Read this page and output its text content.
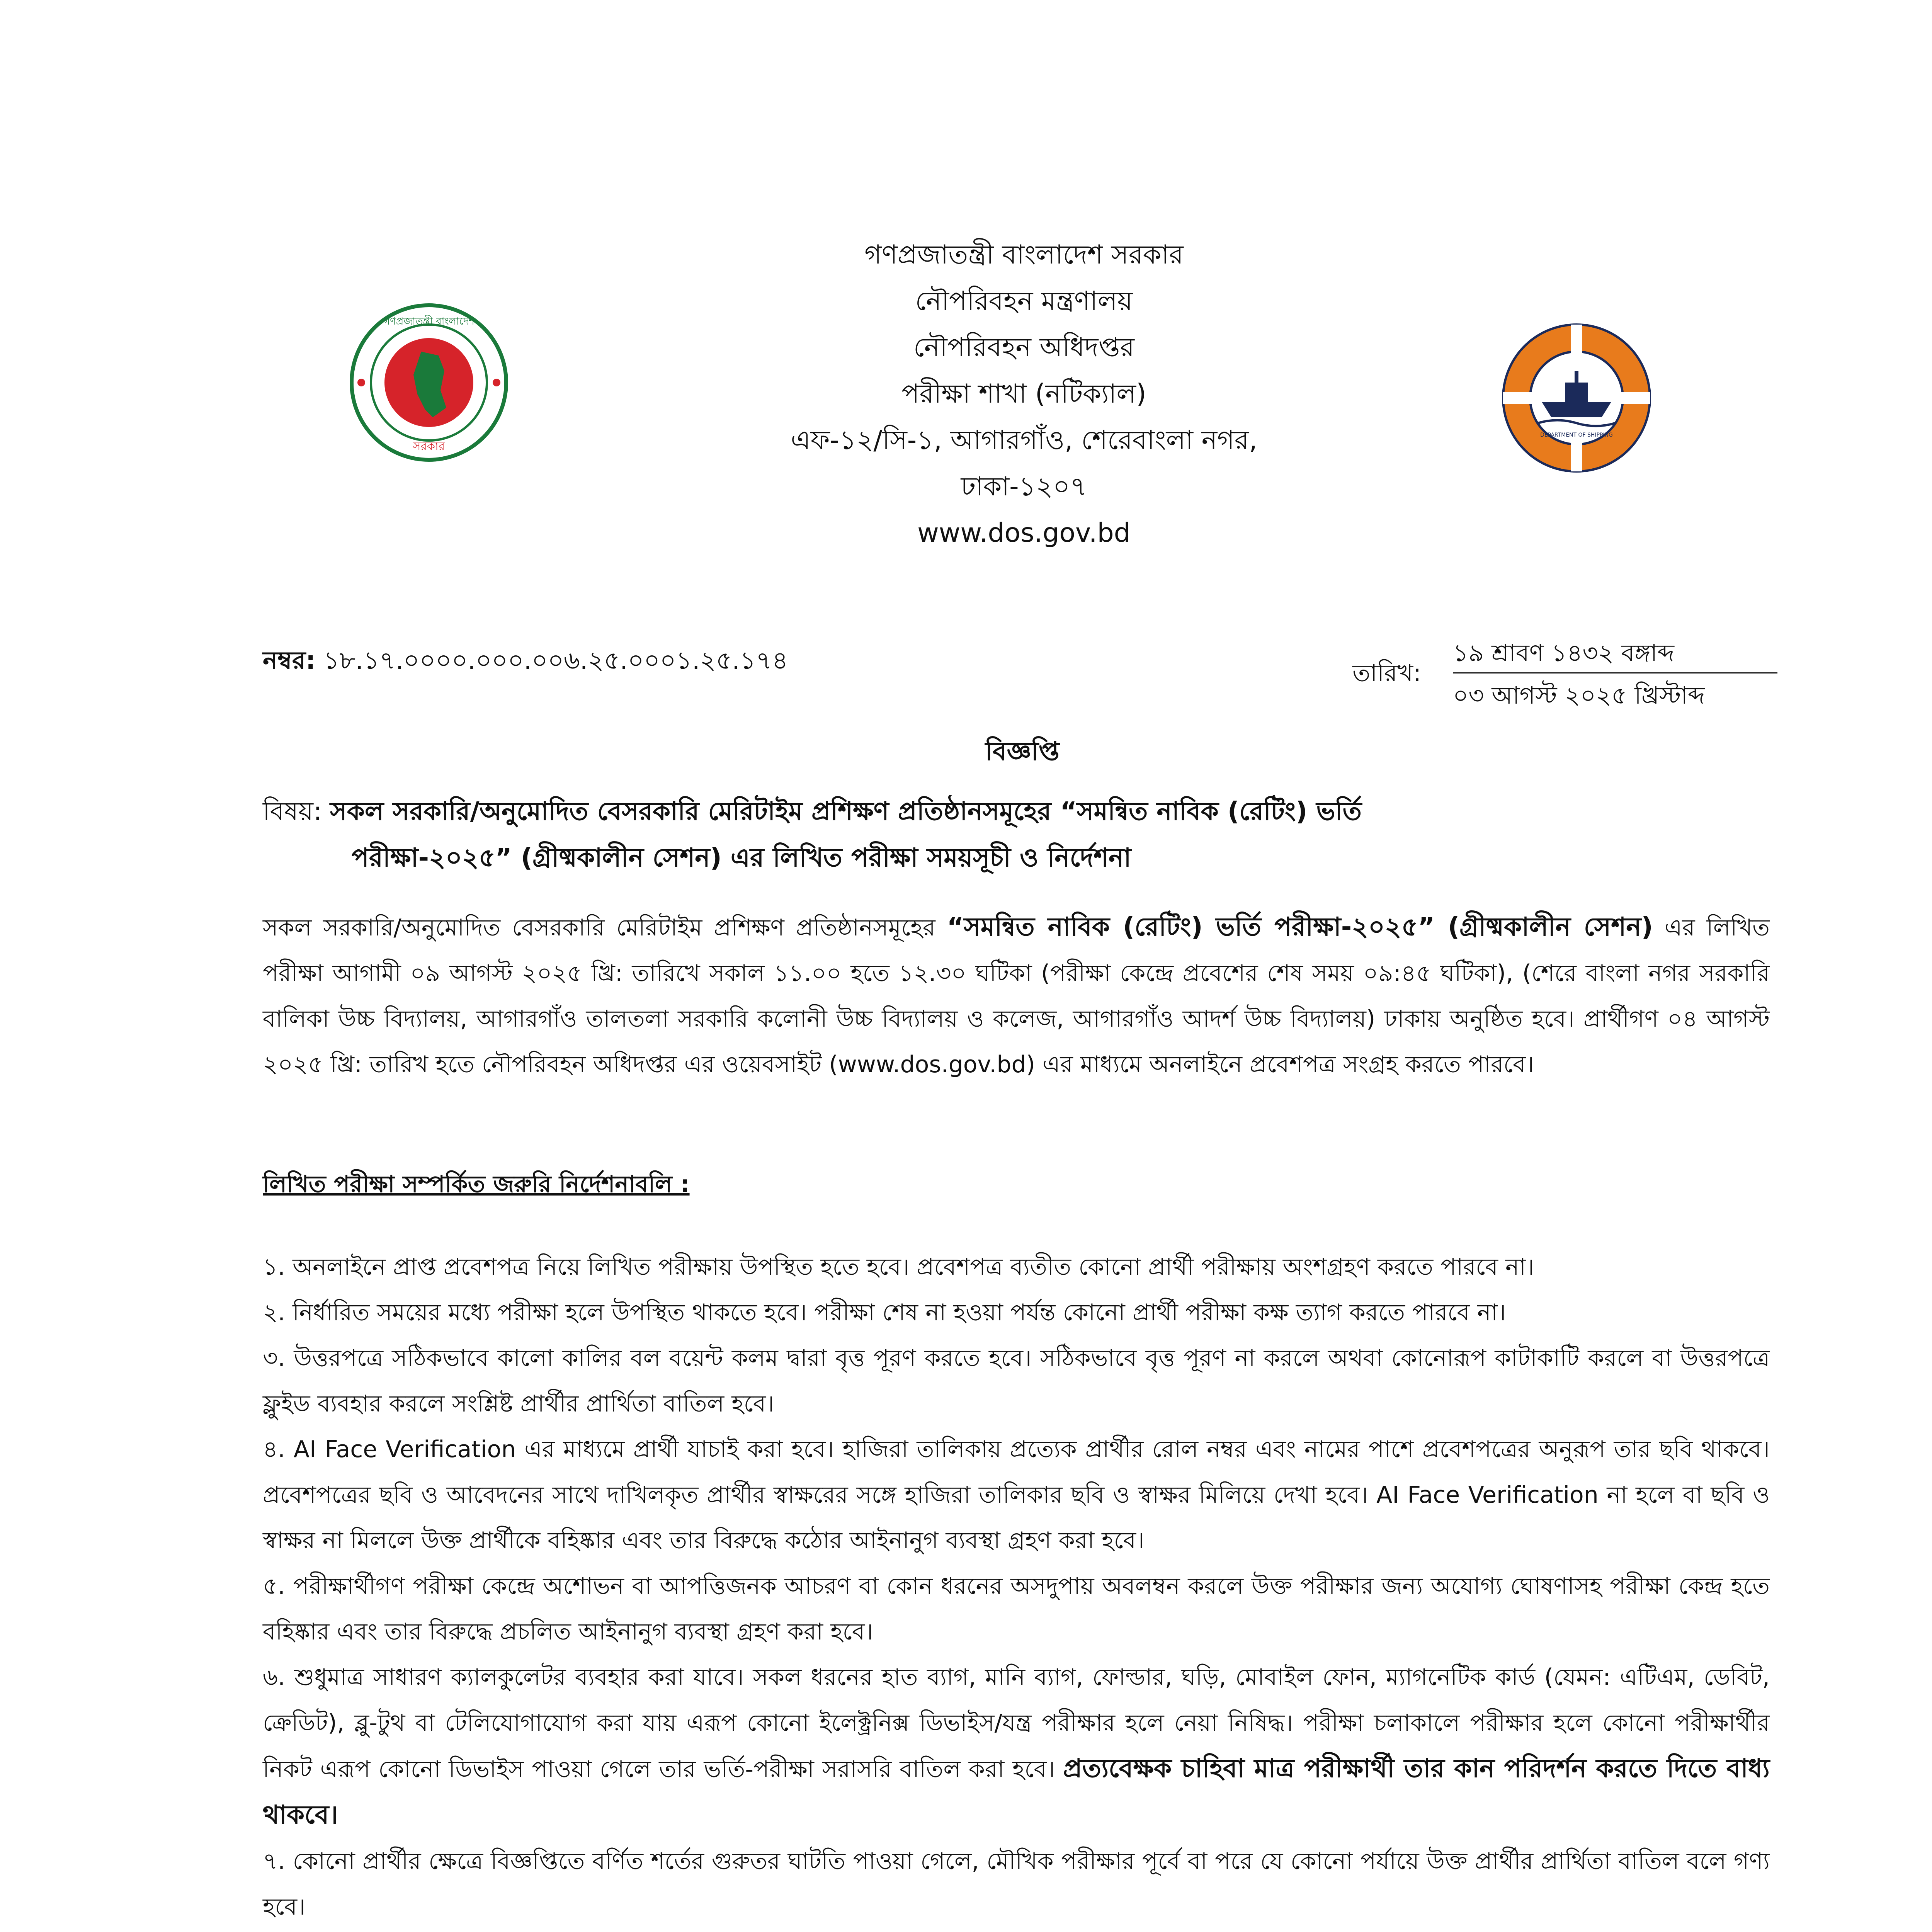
গণপ্রজাতন্ত্রী বাংলাদেশ
সরকার
DEPARTMENT OF SHIPPING
গণপ্রজাতন্ত্রী বাংলাদেশ সরকার
নৌপরিবহন মন্ত্রণালয়
নৌপরিবহন অধিদপ্তর
পরীক্ষা শাখা (নটিক্যাল)
এফ-১২/সি-১, আগারগাঁও, শেরেবাংলা নগর,
ঢাকা-১২০৭
www.dos.gov.bd
নম্বর: ১৮.১৭.০০০০.০০০.০০৬.২৫.০০০১.২৫.১৭৪	তারিখ:
১৯ শ্রাবণ ১৪৩২ বঙ্গাব্দ
০৩ আগস্ট ২০২৫ খ্রিস্টাব্দ
বিজ্ঞপ্তি
বিষয়: সকল সরকারি/অনুমোদিত বেসরকারি মেরিটাইম প্রশিক্ষণ প্রতিষ্ঠানসমূহের “সমন্বিত নাবিক (রেটিং) ভর্তি
পরীক্ষা-২০২৫” (গ্রীষ্মকালীন সেশন) এর লিখিত পরীক্ষা সময়সূচী ও নির্দেশনা
সকল সরকারি/অনুমোদিত বেসরকারি মেরিটাইম প্রশিক্ষণ প্রতিষ্ঠানসমূহের “সমন্বিত নাবিক (রেটিং) ভর্তি পরীক্ষা-২০২৫” (গ্রীষ্মকালীন সেশন) এর লিখিত পরীক্ষা আগামী ০৯ আগস্ট ২০২৫ খ্রি: তারিখে সকাল ১১.০০ হতে ১২.৩০ ঘটিকা (পরীক্ষা কেন্দ্রে প্রবেশের শেষ সময় ০৯:৪৫ ঘটিকা), (শেরে বাংলা নগর সরকারি বালিকা উচ্চ বিদ্যালয়, আগারগাঁও তালতলা সরকারি কলোনী উচ্চ বিদ্যালয় ও কলেজ, আগারগাঁও আদর্শ উচ্চ বিদ্যালয়) ঢাকায় অনুষ্ঠিত হবে। প্রার্থীগণ ০৪ আগস্ট ২০২৫ খ্রি: তারিখ হতে নৌপরিবহন অধিদপ্তর এর ওয়েবসাইট (www.dos.gov.bd) এর মাধ্যমে অনলাইনে প্রবেশপত্র সংগ্রহ করতে পারবে।
লিখিত পরীক্ষা সম্পর্কিত জরুরি নির্দেশনাবলি :
১. অনলাইনে প্রাপ্ত প্রবেশপত্র নিয়ে লিখিত পরীক্ষায় উপস্থিত হতে হবে। প্রবেশপত্র ব্যতীত কোনো প্রার্থী পরীক্ষায় অংশগ্রহণ করতে পারবে না।
২. নির্ধারিত সময়ের মধ্যে পরীক্ষা হলে উপস্থিত থাকতে হবে। পরীক্ষা শেষ না হওয়া পর্যন্ত কোনো প্রার্থী পরীক্ষা কক্ষ ত্যাগ করতে পারবে না।
৩. উত্তরপত্রে সঠিকভাবে কালো কালির বল বয়েন্ট কলম দ্বারা বৃত্ত পূরণ করতে হবে। সঠিকভাবে বৃত্ত পূরণ না করলে অথবা কোনোরূপ কাটাকাটি করলে বা উত্তরপত্রে ফ্লুইড ব্যবহার করলে সংশ্লিষ্ট প্রার্থীর প্রার্থিতা বাতিল হবে।
৪. AI Face Verification এর মাধ্যমে প্রার্থী যাচাই করা হবে। হাজিরা তালিকায় প্রত্যেক প্রার্থীর রোল নম্বর এবং নামের পাশে প্রবেশপত্রের অনুরূপ তার ছবি থাকবে। প্রবেশপত্রের ছবি ও আবেদনের সাথে দাখিলকৃত প্রার্থীর স্বাক্ষরের সঙ্গে হাজিরা তালিকার ছবি ও স্বাক্ষর মিলিয়ে দেখা হবে। AI Face Verification না হলে বা ছবি ও স্বাক্ষর না মিললে উক্ত প্রার্থীকে বহিষ্কার এবং তার বিরুদ্ধে কঠোর আইনানুগ ব্যবস্থা গ্রহণ করা হবে।
৫. পরীক্ষার্থীগণ পরীক্ষা কেন্দ্রে অশোভন বা আপত্তিজনক আচরণ বা কোন ধরনের অসদুপায় অবলম্বন করলে উক্ত পরীক্ষার জন্য অযোগ্য ঘোষণাসহ পরীক্ষা কেন্দ্র হতে বহিষ্কার এবং তার বিরুদ্ধে প্রচলিত আইনানুগ ব্যবস্থা গ্রহণ করা হবে।
৬. শুধুমাত্র সাধারণ ক্যালকুলেটর ব্যবহার করা যাবে। সকল ধরনের হাত ব্যাগ, মানি ব্যাগ, ফোল্ডার, ঘড়ি, মোবাইল ফোন, ম্যাগনেটিক কার্ড (যেমন: এটিএম, ডেবিট, ক্রেডিট), ব্লু-টুথ বা টেলিযোগাযোগ করা যায় এরূপ কোনো ইলেক্ট্রনিক্স ডিভাইস/যন্ত্র পরীক্ষার হলে নেয়া নিষিদ্ধ। পরীক্ষা চলাকালে পরীক্ষার হলে কোনো পরীক্ষার্থীর নিকট এরূপ কোনো ডিভাইস পাওয়া গেলে তার ভর্তি-পরীক্ষা সরাসরি বাতিল করা হবে। প্রত্যবেক্ষক চাহিবা মাত্র পরীক্ষার্থী তার কান পরিদর্শন করতে দিতে বাধ্য থাকবে।
৭. কোনো প্রার্থীর ক্ষেত্রে বিজ্ঞপ্তিতে বর্ণিত শর্তের গুরুতর ঘাটতি পাওয়া গেলে, মৌখিক পরীক্ষার পূর্বে বা পরে যে কোনো পর্যায়ে উক্ত প্রার্থীর প্রার্থিতা বাতিল বলে গণ্য হবে।
